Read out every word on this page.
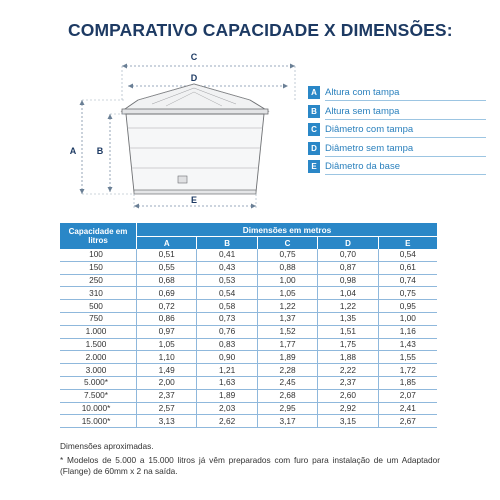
COMPARATIVO CAPACIDADE X DIMENSÕES:
C
D
A B
E
A Altura com tampa
B Altura sem tampa
C Diâmetro com tampa
D Diâmetro sem tampa
E Diâmetro da base
Capacidade em litros	Dimensões em metros				
	A	B	C	D	E
100	0,51	0,41	0,75	0,70	0,54
150	0,55	0,43	0,88	0,87	0,61
250	0,68	0,53	1,00	0,98	0,74
310	0,69	0,54	1,05	1,04	0,75
500	0,72	0,58	1,22	1,22	0,95
750	0,86	0,73	1,37	1,35	1,00
1.000	0,97	0,76	1,52	1,51	1,16
1.500	1,05	0,83	1,77	1,75	1,43
2.000	1,10	0,90	1,89	1,88	1,55
3.000	1,49	1,21	2,28	2,22	1,72
5.000*	2,00	1,63	2,45	2,37	1,85
7.500*	2,37	1,89	2,68	2,60	2,07
10.000*	2,57	2,03	2,95	2,92	2,41
15.000*	3,13	2,62	3,17	3,15	2,67
Dimensões aproximadas.
* Modelos de 5.000 a 15.000 litros já vêm preparados com furo para instalação de um Adaptador (Flange) de 60mm x 2 na saída.
